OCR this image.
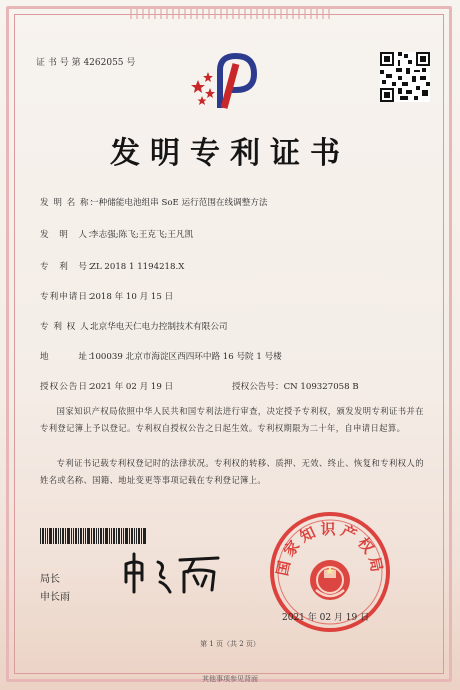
证 书 号 第 4262055 号
发明专利证书
发 明 名 称：一种储能电池组串 SoE 运行范围在线调整方法
发　明　人：李志强;陈飞;王克飞;王凡凯
专　利　号：ZL 2018 1 1194218.X
专利申请日：2018 年 10 月 15 日
专 利 权 人：北京华电天仁电力控制技术有限公司
地　　　址：100039 北京市海淀区西四环中路 16 号院 1 号楼
授权公告日：2021 年 02 月 19 日	授权公告号：CN 109327058 B
国家知识产权局依照中华人民共和国专利法进行审查，决定授予专利权，颁发发明专利证书并在专利登记簿上予以登记。专利权自授权公告之日起生效。专利权期限为二十年，自申请日起算。
专利证书记载专利权登记时的法律状况。专利权的转移、质押、无效、终止、恢复和专利权人的姓名或名称、国籍、地址变更等事项记载在专利登记簿上。
局长
申长雨
国家知识产权局
2021 年 02 月 19 日
第 1 页（共 2 页）
其他事项参见背面
